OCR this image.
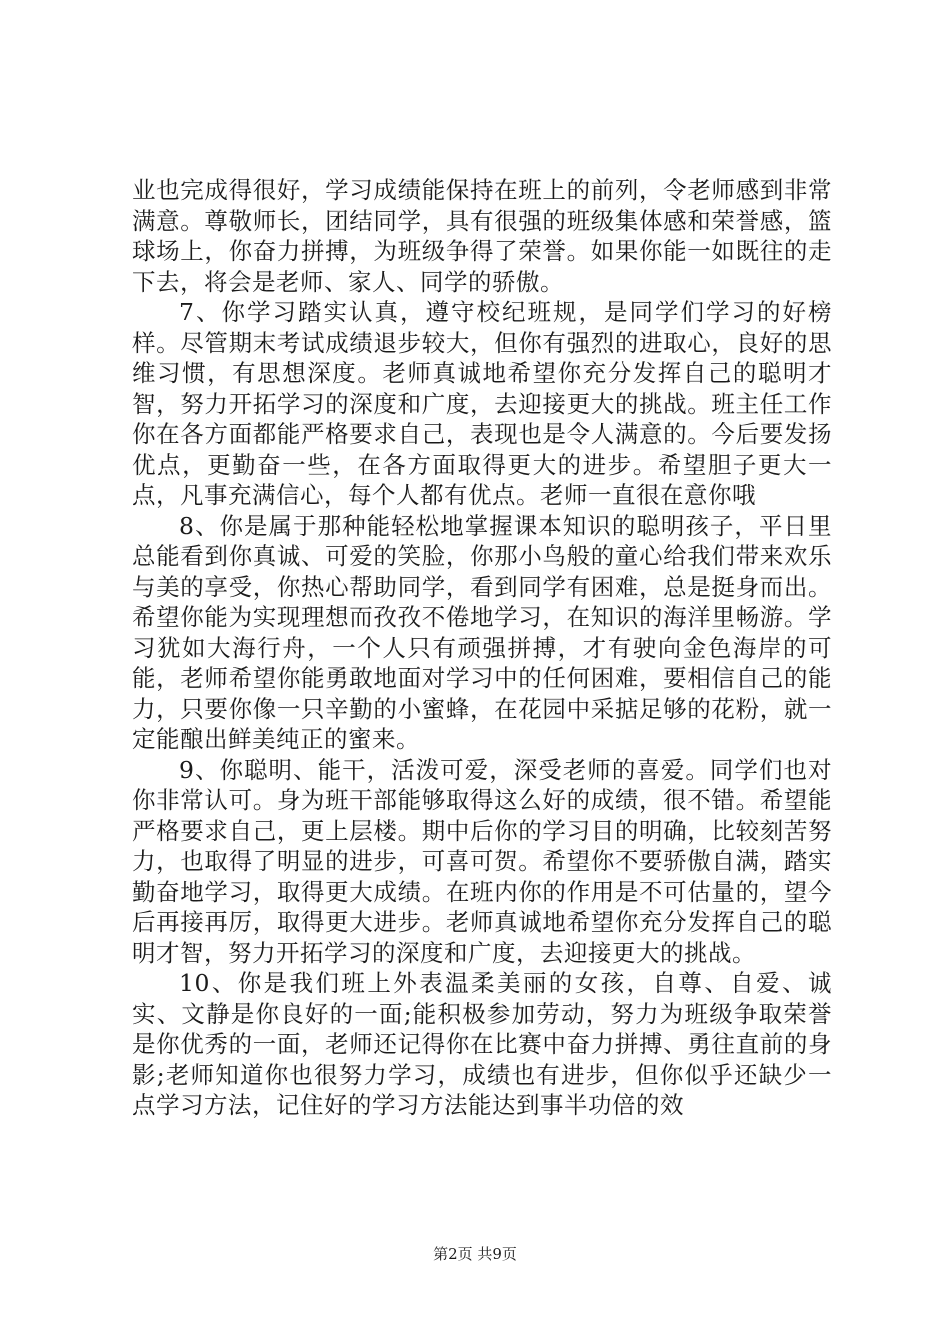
业也完成得很好，学习成绩能保持在班上的前列，令老师感到非常满意。尊敬师长，团结同学，具有很强的班级集体感和荣誉感，篮球场上，你奋力拼搏，为班级争得了荣誉。如果你能一如既往的走下去，将会是老师、家人、同学的骄傲。

7、你学习踏实认真，遵守校纪班规，是同学们学习的好榜样。尽管期末考试成绩退步较大，但你有强烈的进取心，良好的思维习惯，有思想深度。老师真诚地希望你充分发挥自己的聪明才智，努力开拓学习的深度和广度，去迎接更大的挑战。班主任工作你在各方面都能严格要求自己，表现也是令人满意的。今后要发扬优点，更勤奋一些，在各方面取得更大的进步。希望胆子更大一点，凡事充满信心，每个人都有优点。老师一直很在意你哦

8、你是属于那种能轻松地掌握课本知识的聪明孩子，平日里总能看到你真诚、可爱的笑脸，你那小鸟般的童心给我们带来欢乐与美的享受，你热心帮助同学，看到同学有困难，总是挺身而出。希望你能为实现理想而孜孜不倦地学习，在知识的海洋里畅游。学习犹如大海行舟，一个人只有顽强拼搏，才有驶向金色海岸的可能，老师希望你能勇敢地面对学习中的任何困难，要相信自己的能力，只要你像一只辛勤的小蜜蜂，在花园中采掂足够的花粉，就一定能酿出鲜美纯正的蜜来。

9、你聪明、能干，活泼可爱，深受老师的喜爱。同学们也对你非常认可。身为班干部能够取得这么好的成绩，很不错。希望能严格要求自己，更上层楼。期中后你的学习目的明确，比较刻苦努力，也取得了明显的进步，可喜可贺。希望你不要骄傲自满，踏实勤奋地学习，取得更大成绩。在班内你的作用是不可估量的，望今后再接再厉，取得更大进步。老师真诚地希望你充分发挥自己的聪明才智，努力开拓学习的深度和广度，去迎接更大的挑战。

10、你是我们班上外表温柔美丽的女孩，自尊、自爱、诚实、文静是你良好的一面;能积极参加劳动，努力为班级争取荣誉是你优秀的一面，老师还记得你在比赛中奋力拼搏、勇往直前的身影;老师知道你也很努力学习，成绩也有进步，但你似乎还缺少一点学习方法，记住好的学习方法能达到事半功倍的效

第2页 共9页
